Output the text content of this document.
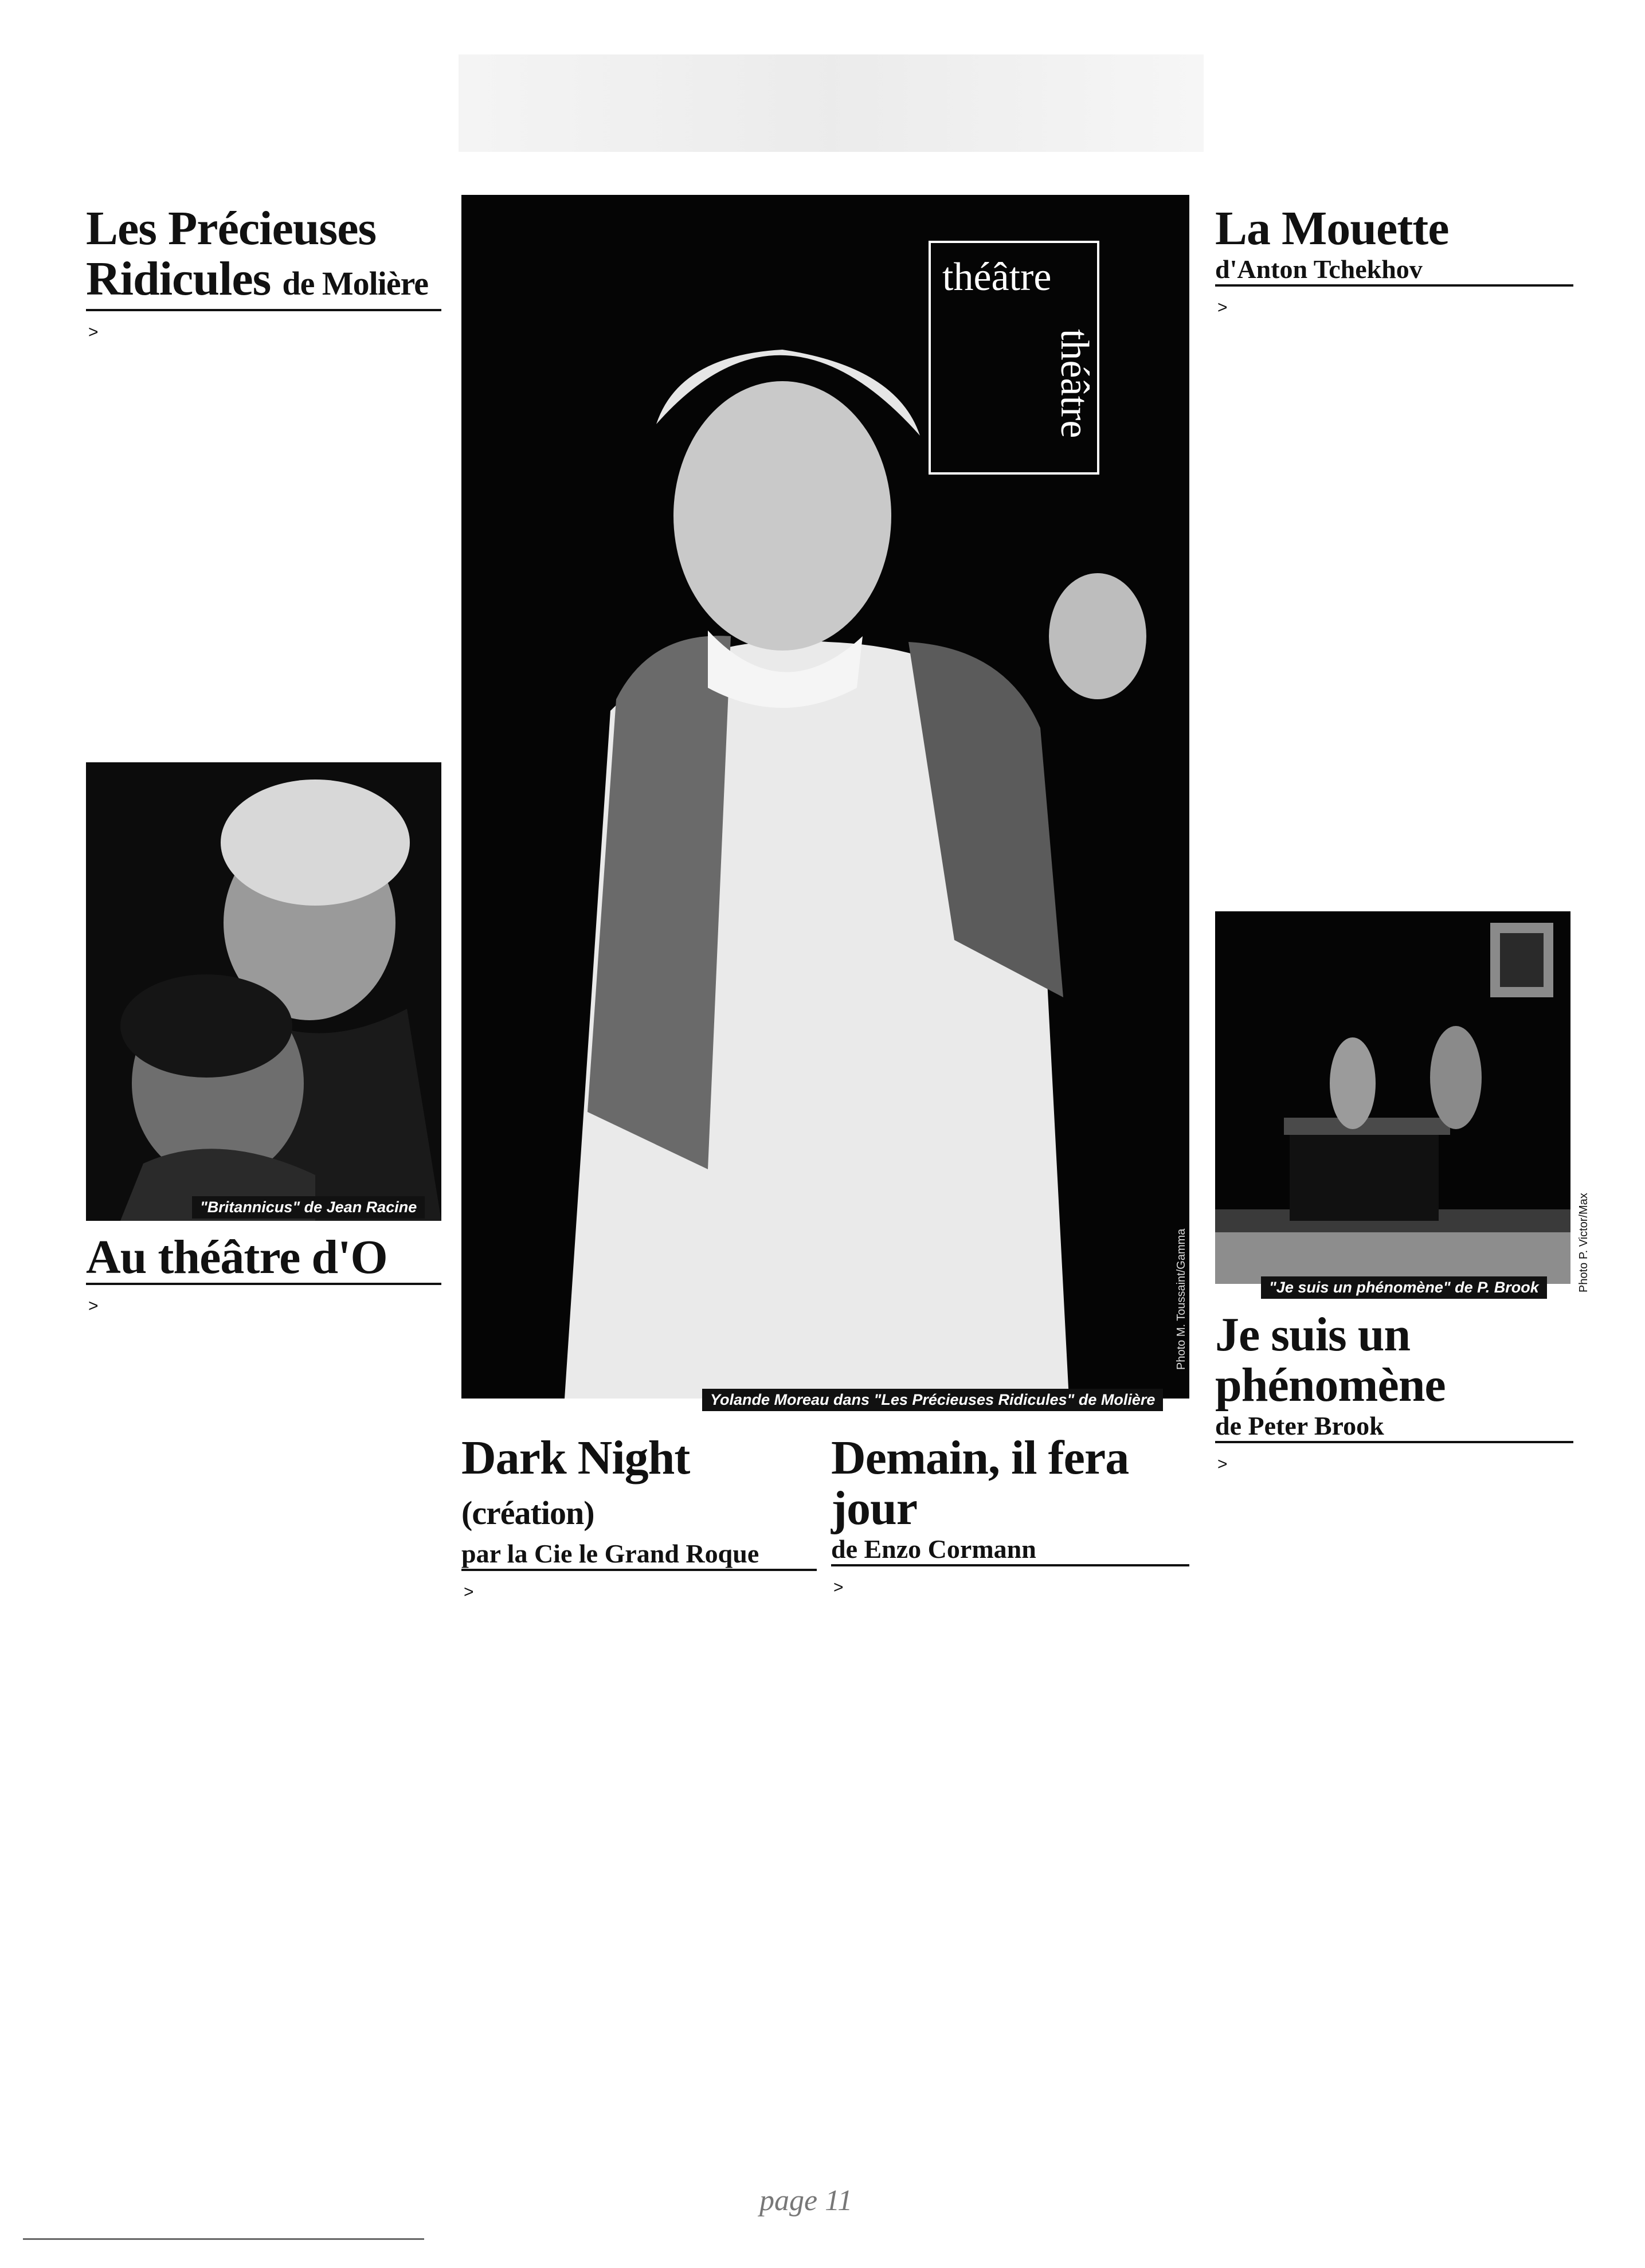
Les Précieuses
Ridicules de Molière
"Britannicus" de Jean Racine
Au théâtre d'O
théâtre
théâtre
Photo M. Toussaint/Gamma
Yolande Moreau dans "Les Précieuses Ridicules" de Molière
Dark Night (création)

par la Cie le Grand Roque

Demain, il fera jour

de Enzo Cormann

La Mouette

d'Anton Tchekhov

Photo P. Victor/Max
"Je suis un phénomène" de P. Brook
Je suis un phénomène

de Peter Brook

page 11
